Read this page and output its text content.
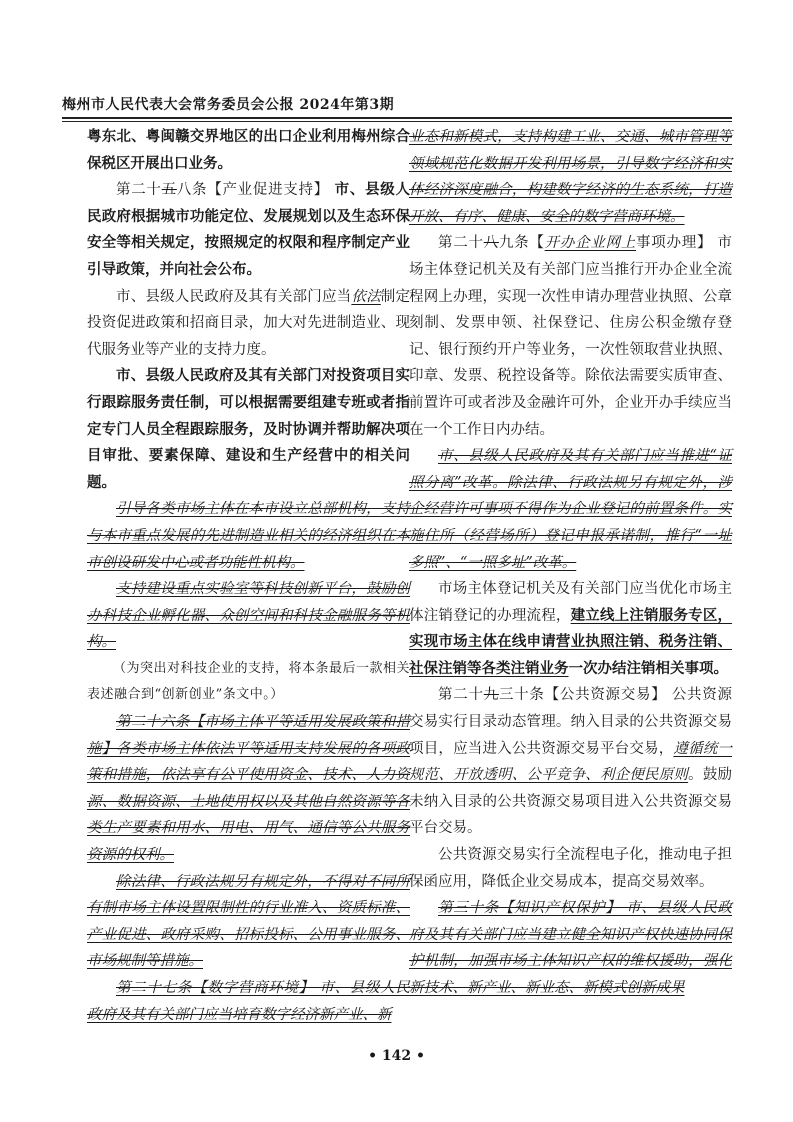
梅州市人民代表大会常务委员会公报 2024年第3期

粤东北、粤闽赣交界地区的出口企业利用梅州综合保税区开展出口业务。

第二十五八条【产业促进支持】 市、县级人民政府根据城市功能定位、发展规划以及生态环保安全等相关规定，按照规定的权限和程序制定产业引导政策，并向社会公布。

市、县级人民政府及其有关部门应当依法制定投资促进政策和招商目录，加大对先进制造业、现代服务业等产业的支持力度。

市、县级人民政府及其有关部门对投资项目实行跟踪服务责任制，可以根据需要组建专班或者指定专门人员全程跟踪服务，及时协调并帮助解决项目审批、要素保障、建设和生产经营中的相关问题。

引导各类市场主体在本市设立总部机构，支持与本市重点发展的先进制造业相关的经济组织在本市创设研发中心或者功能性机构。

支持建设重点实验室等科技创新平台，鼓励创办科技企业孵化器、众创空间和科技金融服务等机构。

（为突出对科技企业的支持，将本条最后一款相关表述融合到“创新创业”条文中。）

第二十六条【市场主体平等适用发展政策和措施】各类市场主体依法平等适用支持发展的各项政策和措施，依法享有公平使用资金、技术、人力资源、数据资源、土地使用权以及其他自然资源等各类生产要素和用水、用电、用气、通信等公共服务资源的权利。

除法律、行政法规另有规定外，不得对不同所有制市场主体设置限制性的行业准入、资质标准、产业促进、政府采购、招标投标、公用事业服务、市场规制等措施。

第二十七条【数字营商环境】 市、县级人民政府及其有关部门应当培育数字经济新产业、新

业态和新模式，支持构建工业、交通、城市管理等领域规范化数据开发利用场景，引导数字经济和实体经济深度融合，构建数字经济的生态系统，打造开放、有序、健康、安全的数字营商环境。

第二十八九条【开办企业网上事项办理】 市场主体登记机关及有关部门应当推行开办企业全流程网上办理，实现一次性申请办理营业执照、公章刻制、发票申领、社保登记、住房公积金缴存登记、银行预约开户等业务，一次性领取营业执照、印章、发票、税控设备等。除依法需要实质审查、前置许可或者涉及金融许可外，企业开办手续应当在一个工作日内办结。

市、县级人民政府及其有关部门应当推进“证照分离”改革。除法律、行政法规另有规定外，涉企经营许可事项不得作为企业登记的前置条件。实施住所（经营场所）登记申报承诺制，推行“一址多照”、“一照多址”改革。

市场主体登记机关及有关部门应当优化市场主体注销登记的办理流程，建立线上注销服务专区，实现市场主体在线申请营业执照注销、税务注销、社保注销等各类注销业务一次办结注销相关事项。

第二十九三十条【公共资源交易】 公共资源交易实行目录动态管理。纳入目录的公共资源交易项目，应当进入公共资源交易平台交易，遵循统一规范、开放透明、公平竞争、利企便民原则。鼓励未纳入目录的公共资源交易项目进入公共资源交易平台交易。

公共资源交易实行全流程电子化，推动电子担保函应用，降低企业交易成本，提高交易效率。

第三十条【知识产权保护】 市、县级人民政府及其有关部门应当建立健全知识产权快速协同保护机制，加强市场主体知识产权的维权援助，强化新技术、新产业、新业态、新模式创新成果

• 142 •
